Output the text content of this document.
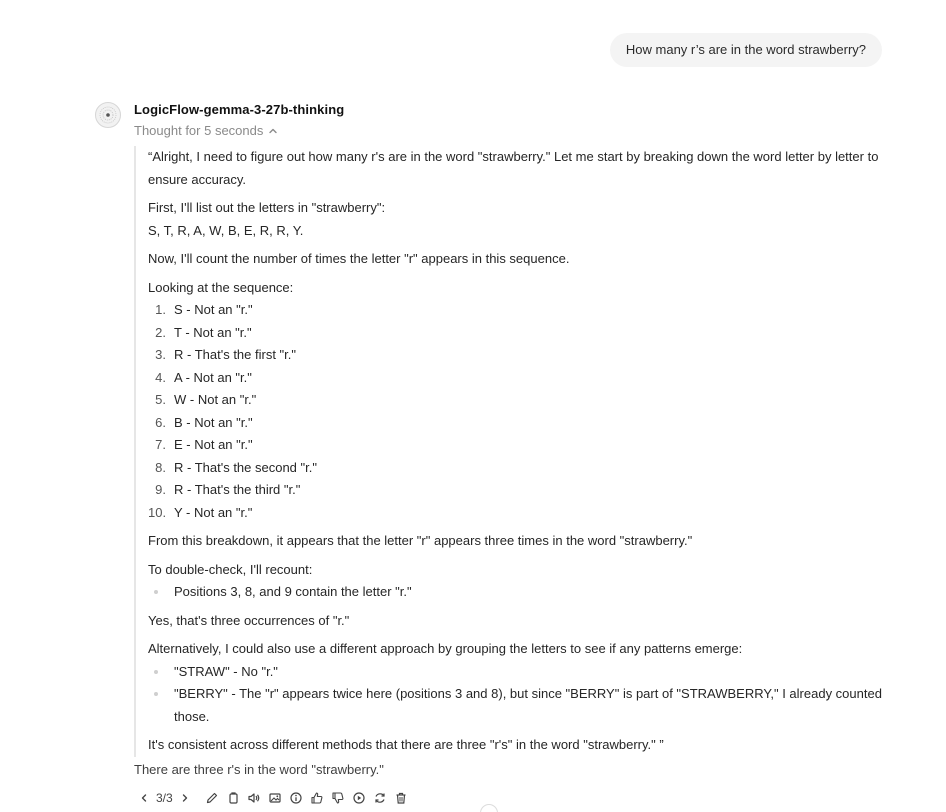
How many r’s are in the word strawberry?
LogicFlow-gemma-3-27b-thinking
Thought for 5 seconds

“Alright, I need to figure out how many r's are in the word "strawberry." Let me start by breaking down the word letter by letter to ensure accuracy.

First, I'll list out the letters in "strawberry":
S, T, R, A, W, B, E, R, R, Y.

Now, I'll count the number of times the letter "r" appears in this sequence.

Looking at the sequence:

1. S - Not an "r."
2. T - Not an "r."
3. R - That's the first "r."
4. A - Not an "r."
5. W - Not an "r."
6. B - Not an "r."
7. E - Not an "r."
8. R - That's the second "r."
9. R - That's the third "r."
10. Y - Not an "r."

From this breakdown, it appears that the letter "r" appears three times in the word "strawberry."

To double-check, I'll recount:

Positions 3, 8, and 9 contain the letter "r."

Yes, that's three occurrences of "r."

Alternatively, I could also use a different approach by grouping the letters to see if any patterns emerge:

"STRAW" - No "r."
"BERRY" - The "r" appears twice here (positions 3 and 8), but since "BERRY" is part of "STRAWBERRY," I already counted those.

It's consistent across different methods that there are three "r's" in the word "strawberry." ”

There are three r's in the word "strawberry."
3/3
